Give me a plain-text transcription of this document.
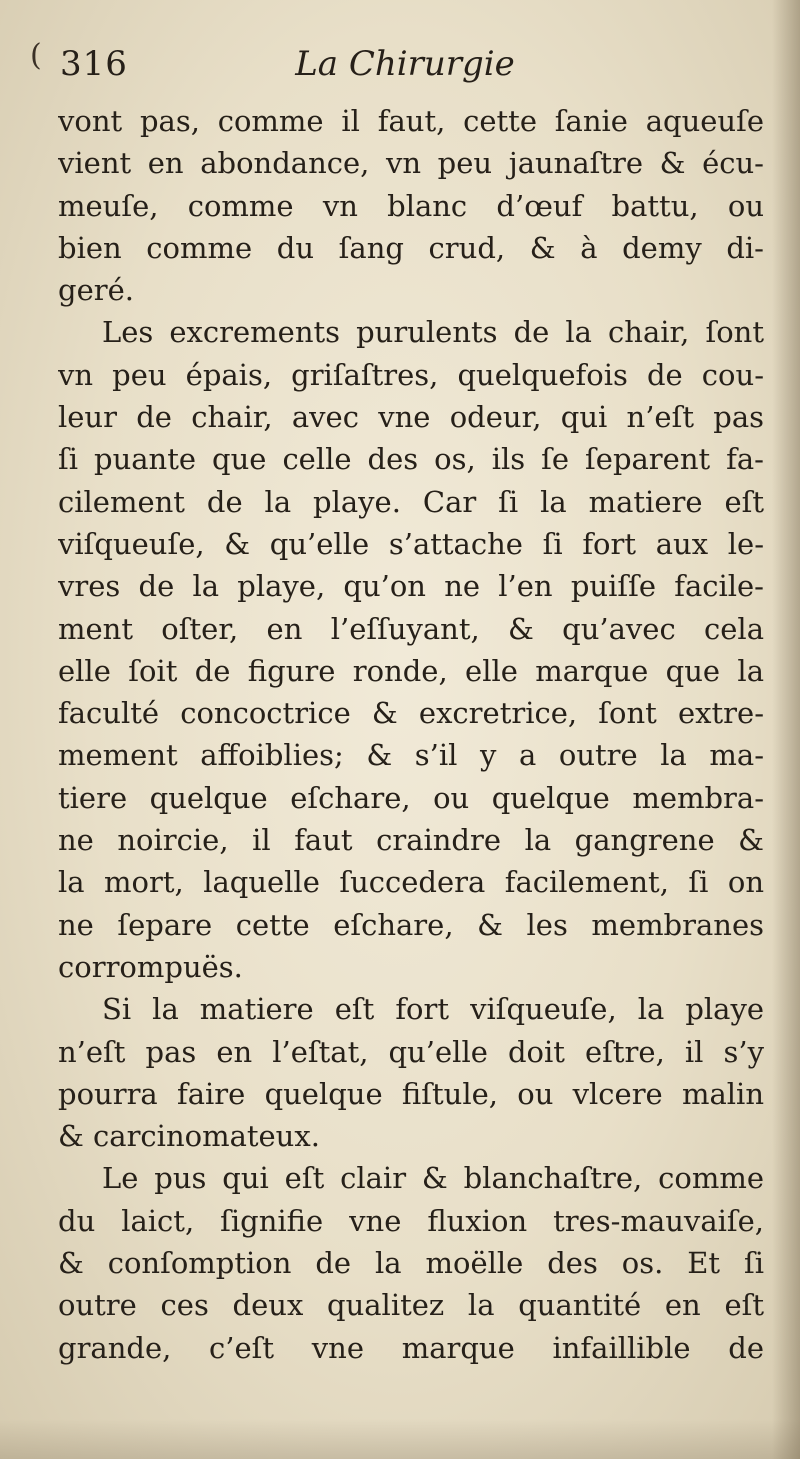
( 316	La Chirurgie
vont pas, comme il faut, cette ſanie aqueuſe
vient en abondance, vn peu jaunaſtre & écu-
meuſe, comme vn blanc d’œuf battu, ou
bien comme du ſang crud, & à demy di-
geré.
Les excrements purulents de la chair, ſont
vn peu épais, griſaſtres, quelquefois de cou-
leur de chair, avec vne odeur, qui n’eſt pas
ſi puante que celle des os, ils ſe ſeparent fa-
cilement de la playe. Car ſi la matiere eſt
viſqueuſe, & qu’elle s’attache ſi fort aux le-
vres de la playe, qu’on ne l’en puiſſe facile-
ment oſter, en l’eſſuyant, & qu’avec cela
elle ſoit de figure ronde, elle marque que la
faculté concoctrice & excretrice, ſont extre-
mement affoiblies; & s’il y a outre la ma-
tiere quelque eſchare, ou quelque membra-
ne noircie, il faut craindre la gangrene &
la mort, laquelle ſuccedera facilement, ſi on
ne ſepare cette eſchare, & les membranes
corrompuës.
Si la matiere eſt fort viſqueuſe, la playe
n’eſt pas en l’eſtat, qu’elle doit eſtre, il s’y
pourra faire quelque fiſtule, ou vlcere malin
& carcinomateux.
Le pus qui eſt clair & blanchaſtre, comme
du laict, ſignifie vne fluxion tres-mauvaiſe,
& conſomption de la moëlle des os. Et ſi
outre ces deux qualitez la quantité en eſt
grande, c’eſt vne marque infaillible de
